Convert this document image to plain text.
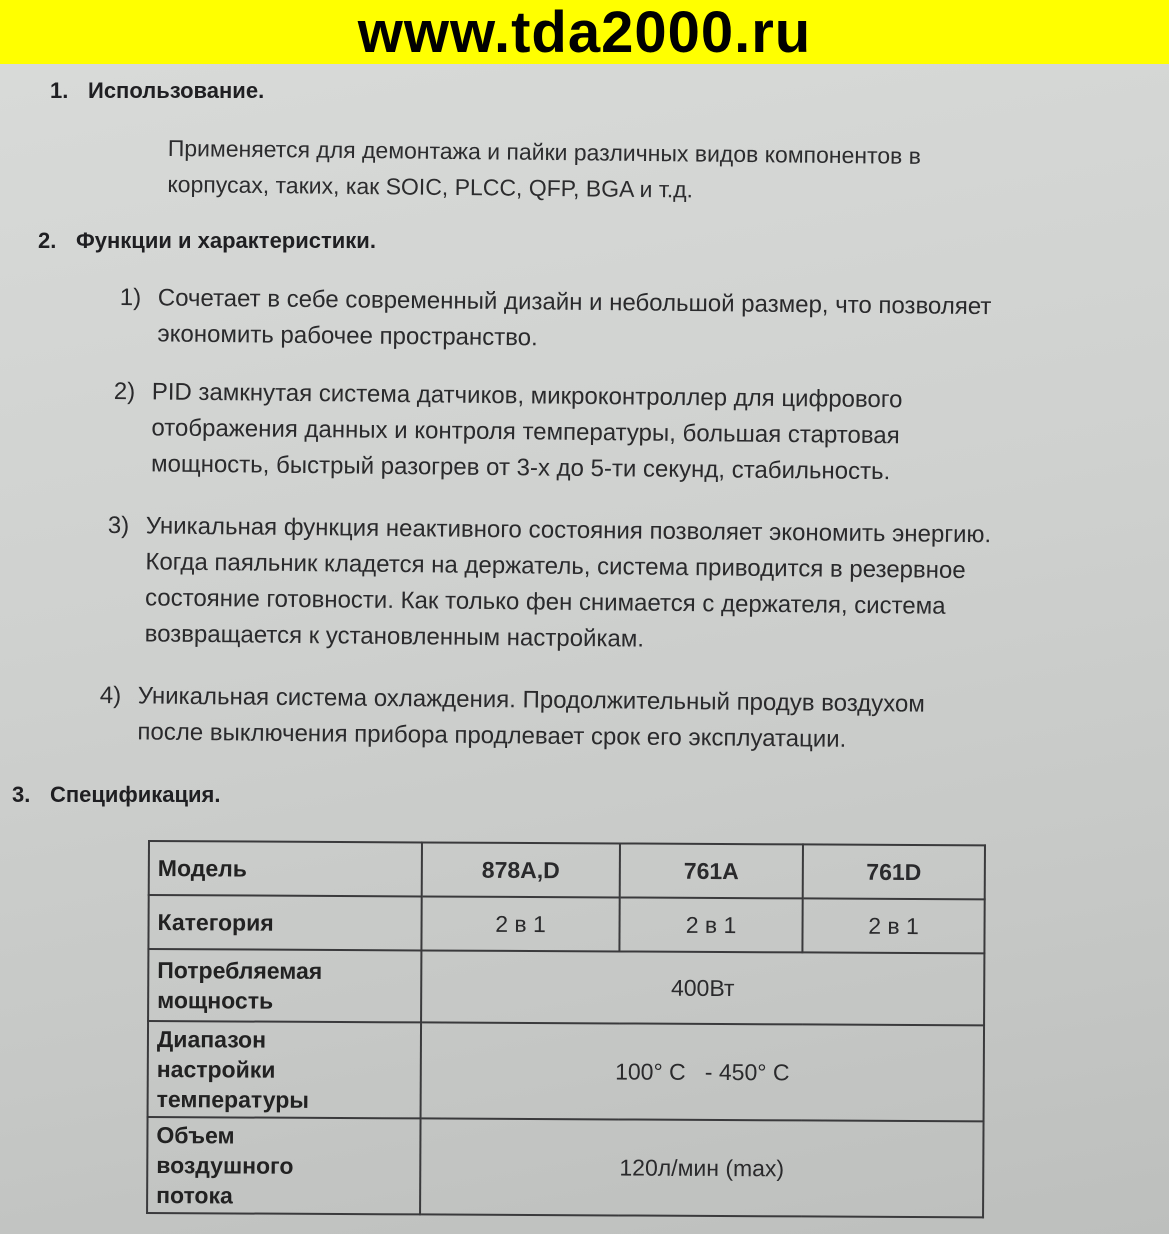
www.tda2000.ru
1. Использование.
Применяется для демонтажа и пайки различных видов компонентов в
корпусах, таких, как SOIC, PLCC, QFP, BGA и т.д.
2. Функции и характеристики.
1) Сочетает в себе современный дизайн и небольшой размер, что позволяет
экономить рабочее пространство.
2) PID замкнутая система датчиков, микроконтроллер для цифрового
отображения данных и контроля температуры, большая стартовая
мощность, быстрый разогрев от 3-х до 5-ти секунд, стабильность.
3) Уникальная функция неактивного состояния позволяет экономить энергию.
Когда паяльник кладется на держатель, система приводится в резервное
состояние готовности. Как только фен снимается с держателя, система
возвращается к установленным настройкам.
4) Уникальная система охлаждения. Продолжительный продув воздухом
после выключения прибора продлевает срок его эксплуатации.
3. Спецификация.
Модель	878A,D	761A	761D
Категория	2 в 1	2 в 1	2 в 1

Потребляемая
мощность	400Вт		

Диапазон
настройки
температуры	100° C   - 450° C		

Объем
воздушного
потока	120л/мин (max)		
